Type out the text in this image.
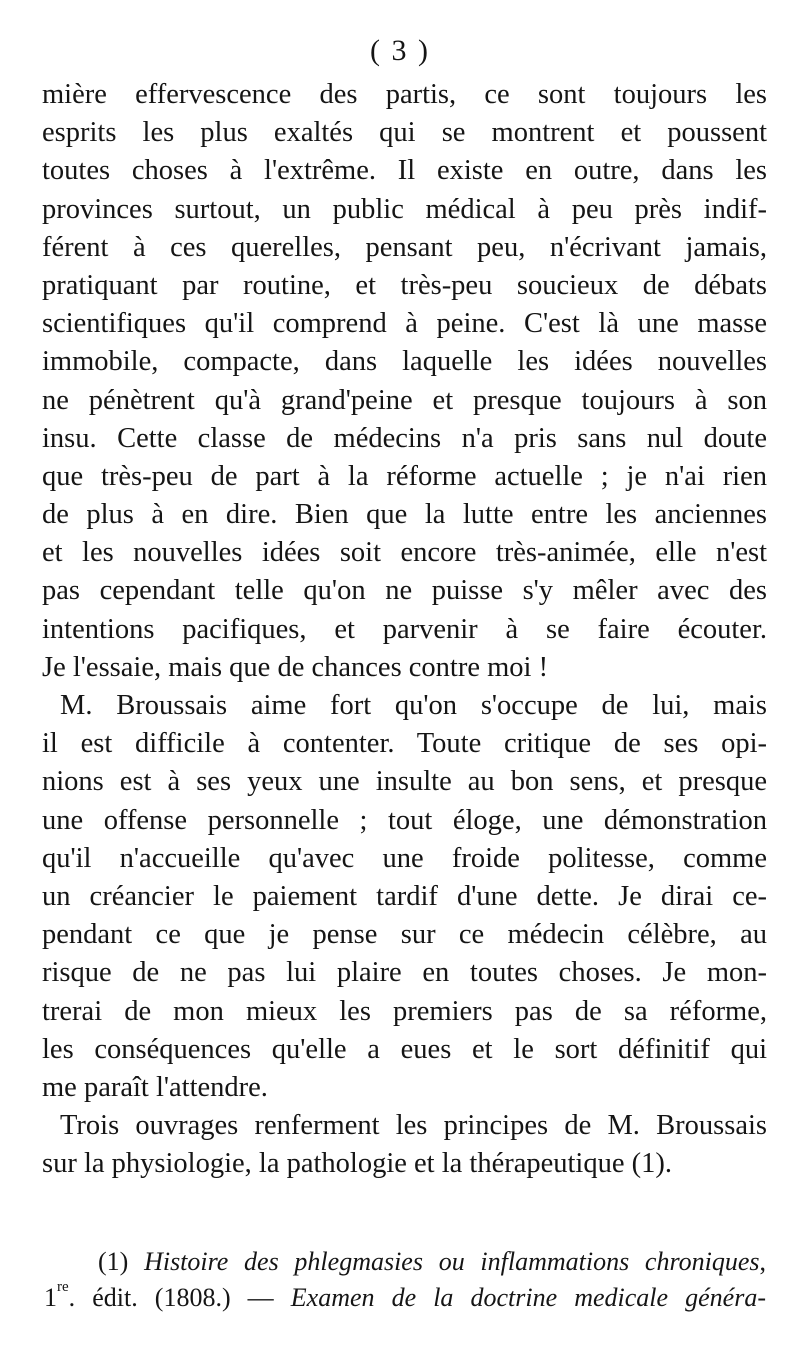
( 3 )
mière effervescence des partis, ce sont toujours les
esprits les plus exaltés qui se montrent et poussent
toutes choses à l'extrême. Il existe en outre, dans les
provinces surtout, un public médical à peu près indif-
férent à ces querelles, pensant peu, n'écrivant jamais,
pratiquant par routine, et très-peu soucieux de débats
scientifiques qu'il comprend à peine. C'est là une masse
immobile, compacte, dans laquelle les idées nouvelles
ne pénètrent qu'à grand'peine et presque toujours à son
insu. Cette classe de médecins n'a pris sans nul doute
que très-peu de part à la réforme actuelle ; je n'ai rien
de plus à en dire. Bien que la lutte entre les anciennes
et les nouvelles idées soit encore très-animée, elle n'est
pas cependant telle qu'on ne puisse s'y mêler avec des
intentions pacifiques, et parvenir à se faire écouter.
Je l'essaie, mais que de chances contre moi !
M. Broussais aime fort qu'on s'occupe de lui, mais
il est difficile à contenter. Toute critique de ses opi-
nions est à ses yeux une insulte au bon sens, et presque
une offense personnelle ; tout éloge, une démonstration
qu'il n'accueille qu'avec une froide politesse, comme
un créancier le paiement tardif d'une dette. Je dirai ce-
pendant ce que je pense sur ce médecin célèbre, au
risque de ne pas lui plaire en toutes choses. Je mon-
trerai de mon mieux les premiers pas de sa réforme,
les conséquences qu'elle a eues et le sort définitif qui
me paraît l'attendre.
Trois ouvrages renferment les principes de M. Broussais
sur la physiologie, la pathologie et la thérapeutique (1).
(1) Histoire des phlegmasies ou inflammations chroniques,
1re. édit. (1808.) — Examen de la doctrine medicale généra-
